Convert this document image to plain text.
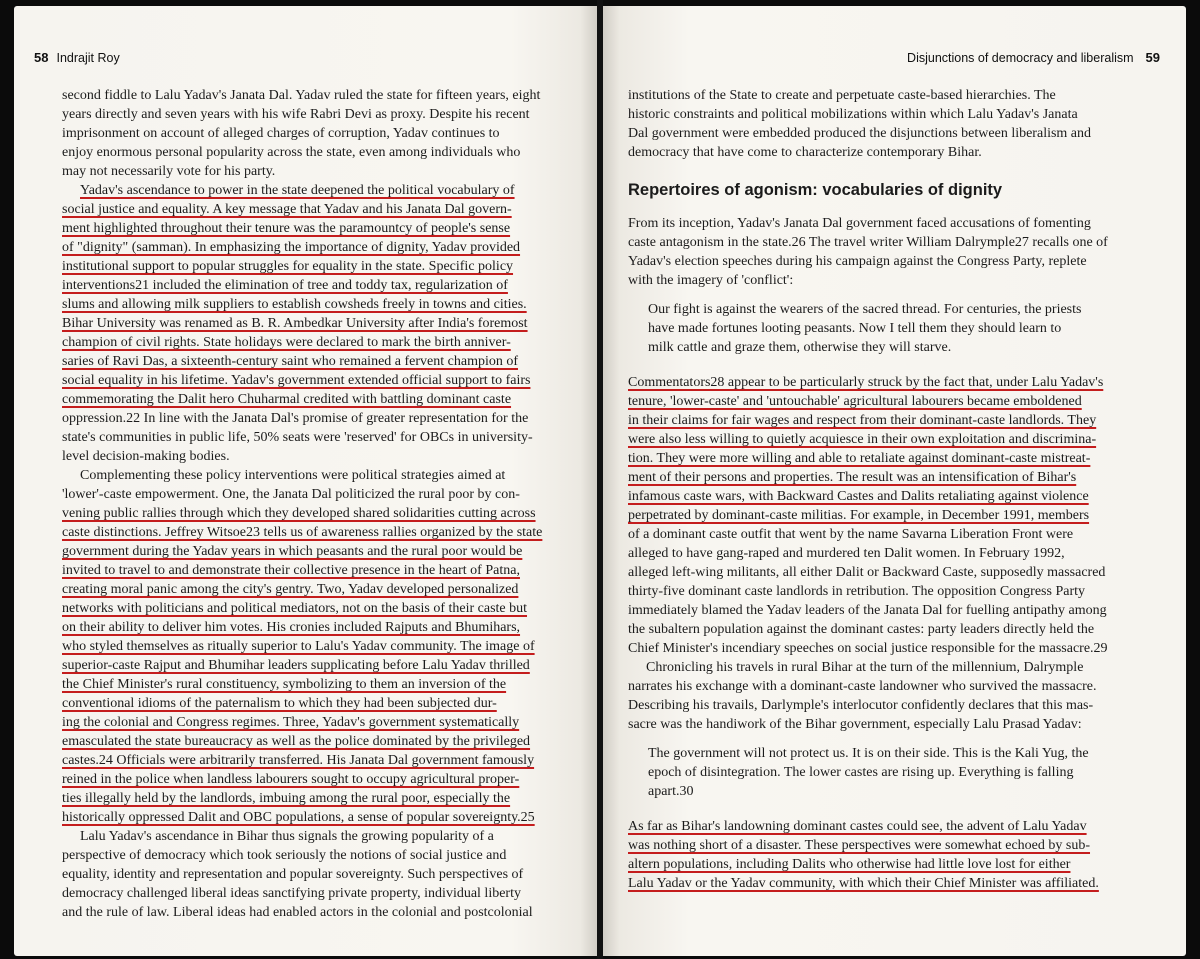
58 Indrajit Roy
second fiddle to Lalu Yadav's Janata Dal. Yadav ruled the state for fifteen years, eight
years directly and seven years with his wife Rabri Devi as proxy. Despite his recent
imprisonment on account of alleged charges of corruption, Yadav continues to
enjoy enormous personal popularity across the state, even among individuals who
may not necessarily vote for his party.
Yadav's ascendance to power in the state deepened the political vocabulary of
social justice and equality. A key message that Yadav and his Janata Dal govern-
ment highlighted throughout their tenure was the paramountcy of people's sense
of "dignity" (samman). In emphasizing the importance of dignity, Yadav provided
institutional support to popular struggles for equality in the state. Specific policy
interventions21 included the elimination of tree and toddy tax, regularization of
slums and allowing milk suppliers to establish cowsheds freely in towns and cities.
Bihar University was renamed as B. R. Ambedkar University after India's foremost
champion of civil rights. State holidays were declared to mark the birth anniver-
saries of Ravi Das, a sixteenth-century saint who remained a fervent champion of
social equality in his lifetime. Yadav's government extended official support to fairs
commemorating the Dalit hero Chuharmal credited with battling dominant caste
oppression.22 In line with the Janata Dal's promise of greater representation for the
state's communities in public life, 50% seats were 'reserved' for OBCs in university-
level decision-making bodies.
Complementing these policy interventions were political strategies aimed at
'lower'-caste empowerment. One, the Janata Dal politicized the rural poor by con-
vening public rallies through which they developed shared solidarities cutting across
caste distinctions. Jeffrey Witsoe23 tells us of awareness rallies organized by the state
government during the Yadav years in which peasants and the rural poor would be
invited to travel to and demonstrate their collective presence in the heart of Patna,
creating moral panic among the city's gentry. Two, Yadav developed personalized
networks with politicians and political mediators, not on the basis of their caste but
on their ability to deliver him votes. His cronies included Rajputs and Bhumihars,
who styled themselves as ritually superior to Lalu's Yadav community. The image of
superior-caste Rajput and Bhumihar leaders supplicating before Lalu Yadav thrilled
the Chief Minister's rural constituency, symbolizing to them an inversion of the
conventional idioms of the paternalism to which they had been subjected dur-
ing the colonial and Congress regimes. Three, Yadav's government systematically
emasculated the state bureaucracy as well as the police dominated by the privileged
castes.24 Officials were arbitrarily transferred. His Janata Dal government famously
reined in the police when landless labourers sought to occupy agricultural proper-
ties illegally held by the landlords, imbuing among the rural poor, especially the
historically oppressed Dalit and OBC populations, a sense of popular sovereignty.25
Lalu Yadav's ascendance in Bihar thus signals the growing popularity of a
perspective of democracy which took seriously the notions of social justice and
equality, identity and representation and popular sovereignty. Such perspectives of
democracy challenged liberal ideas sanctifying private property, individual liberty
and the rule of law. Liberal ideas had enabled actors in the colonial and postcolonial
Disjunctions of democracy and liberalism 59
institutions of the State to create and perpetuate caste-based hierarchies. The
historic constraints and political mobilizations within which Lalu Yadav's Janata
Dal government were embedded produced the disjunctions between liberalism and
democracy that have come to characterize contemporary Bihar.
Repertoires of agonism: vocabularies of dignity
From its inception, Yadav's Janata Dal government faced accusations of fomenting
caste antagonism in the state.26 The travel writer William Dalrymple27 recalls one of
Yadav's election speeches during his campaign against the Congress Party, replete
with the imagery of 'conflict':
Our fight is against the wearers of the sacred thread. For centuries, the priests
have made fortunes looting peasants. Now I tell them they should learn to
milk cattle and graze them, otherwise they will starve.
Commentators28 appear to be particularly struck by the fact that, under Lalu Yadav's
tenure, 'lower-caste' and 'untouchable' agricultural labourers became emboldened
in their claims for fair wages and respect from their dominant-caste landlords. They
were also less willing to quietly acquiesce in their own exploitation and discrimina-
tion. They were more willing and able to retaliate against dominant-caste mistreat-
ment of their persons and properties. The result was an intensification of Bihar's
infamous caste wars, with Backward Castes and Dalits retaliating against violence
perpetrated by dominant-caste militias. For example, in December 1991, members
of a dominant caste outfit that went by the name Savarna Liberation Front were
alleged to have gang-raped and murdered ten Dalit women. In February 1992,
alleged left-wing militants, all either Dalit or Backward Caste, supposedly massacred
thirty-five dominant caste landlords in retribution. The opposition Congress Party
immediately blamed the Yadav leaders of the Janata Dal for fuelling antipathy among
the subaltern population against the dominant castes: party leaders directly held the
Chief Minister's incendiary speeches on social justice responsible for the massacre.29
Chronicling his travels in rural Bihar at the turn of the millennium, Dalrymple
narrates his exchange with a dominant-caste landowner who survived the massacre.
Describing his travails, Darlymple's interlocutor confidently declares that this mas-
sacre was the handiwork of the Bihar government, especially Lalu Prasad Yadav:
The government will not protect us. It is on their side. This is the Kali Yug, the
epoch of disintegration. The lower castes are rising up. Everything is falling
apart.30
As far as Bihar's landowning dominant castes could see, the advent of Lalu Yadav
was nothing short of a disaster. These perspectives were somewhat echoed by sub-
altern populations, including Dalits who otherwise had little love lost for either
Lalu Yadav or the Yadav community, with which their Chief Minister was affiliated.
